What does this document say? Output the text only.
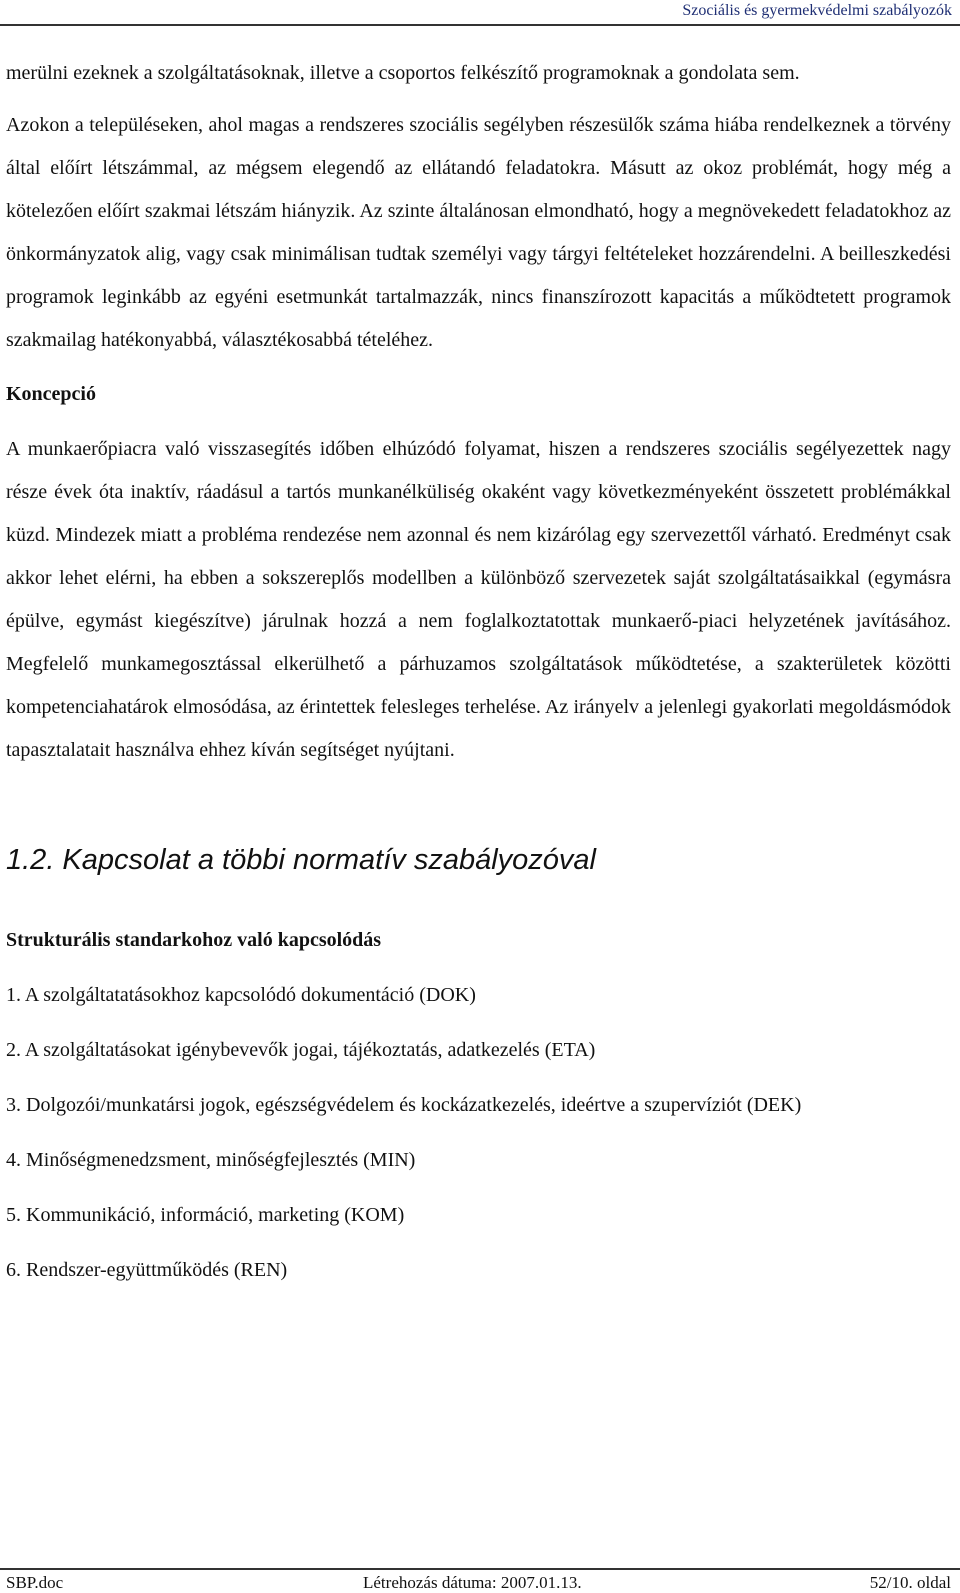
Szociális és gyermekvédelmi szabályozók

merülni ezeknek a szolgáltatásoknak, illetve a csoportos felkészítő programoknak a gondolata sem.

Azokon a településeken, ahol magas a rendszeres szociális segélyben részesülők száma hiába rendelkeznek a törvény által előírt létszámmal, az mégsem elegendő az ellátandó feladatokra. Másutt az okoz problémát, hogy még a kötelezően előírt szakmai létszám hiányzik. Az szinte általánosan elmondható, hogy a megnövekedett feladatokhoz az önkormányzatok alig, vagy csak minimálisan tudtak személyi vagy tárgyi feltételeket hozzárendelni. A beilleszkedési programok leginkább az egyéni esetmunkát tartalmazzák, nincs finanszírozott kapacitás a működtetett programok szakmailag hatékonyabbá, választékosabbá tételéhez.

Koncepció

A munkaerőpiacra való visszasegítés időben elhúzódó folyamat, hiszen a rendszeres szociális segélyezettek nagy része évek óta inaktív, ráadásul a tartós munkanélküliség okaként vagy következményeként összetett problémákkal küzd. Mindezek miatt a probléma rendezése nem azonnal és nem kizárólag egy szervezettől várható. Eredményt csak akkor lehet elérni, ha ebben a sokszereplős modellben a különböző szervezetek saját szolgáltatásaikkal (egymásra épülve, egymást kiegészítve) járulnak hozzá a nem foglalkoztatottak munkaerő-piaci helyzetének javításához. Megfelelő munkamegosztással elkerülhető a párhuzamos szolgáltatások működtetése, a szakterületek közötti kompetenciahatárok elmosódása, az érintettek felesleges terhelése. Az irányelv a jelenlegi gyakorlati megoldásmódok tapasztalatait használva ehhez kíván segítséget nyújtani.

1.2. Kapcsolat a többi normatív szabályozóval
Strukturális standarkohoz való kapcsolódás
1. A szolgáltatatásokhoz kapcsolódó dokumentáció (DOK)
2. A szolgáltatásokat igénybevevők jogai, tájékoztatás, adatkezelés (ETA)
3. Dolgozói/munkatársi jogok, egészségvédelem és kockázatkezelés, ideértve a szupervíziót (DEK)
4. Minőségmenedzsment, minőségfejlesztés (MIN)
5. Kommunikáció, információ, marketing (KOM)
6. Rendszer-együttműködés (REN)
SBP.doc	Létrehozás dátuma: 2007.01.13.	52/10. oldal
